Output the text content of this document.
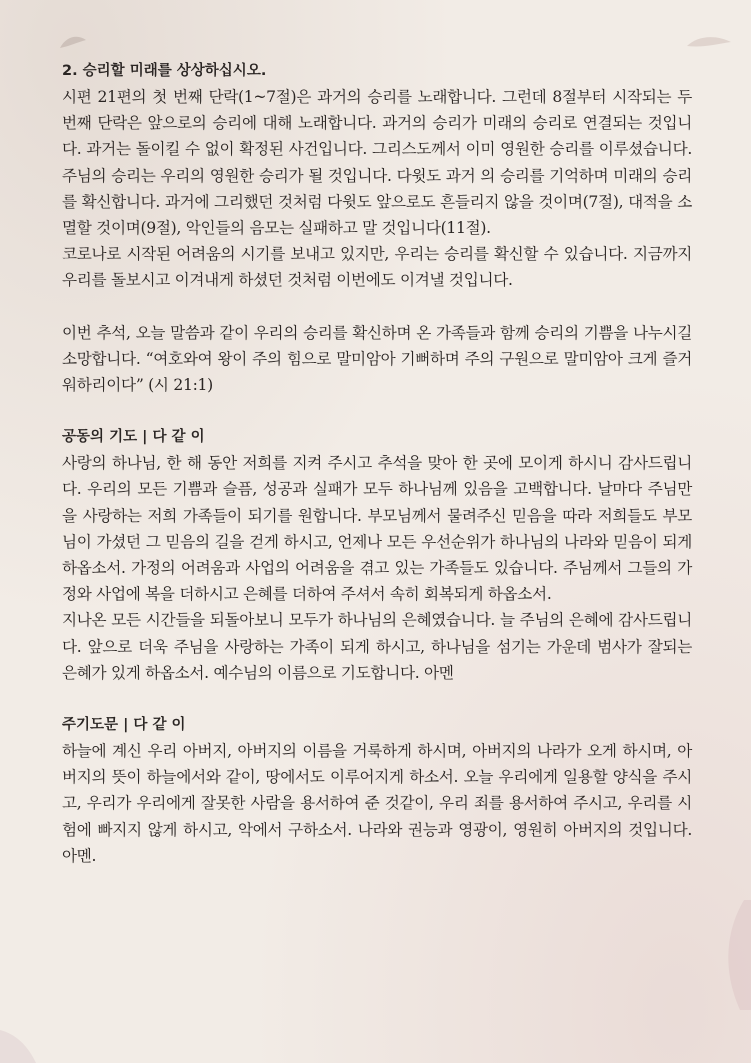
2. 승리할 미래를 상상하십시오.

시편 21편의 첫 번째 단락(1~7절)은 과거의 승리를 노래합니다. 그런데 8절부터 시작되는 두 번째 단락은 앞으로의 승리에 대해 노래합니다. 과거의 승리가 미래의 승리로 연결되는 것입니다. 과거는 돌이킬 수 없이 확정된 사건입니다. 그리스도께서 이미 영원한 승리를 이루셨습니다. 주님의 승리는 우리의 영원한 승리가 될 것입니다. 다윗도 과거 의 승리를 기억하며 미래의 승리를 확신합니다. 과거에 그리했던 것처럼 다윗도 앞으로도 흔들리지 않을 것이며(7절), 대적을 소멸할 것이며(9절), 악인들의 음모는 실패하고 말 것입니다(11절).

코로나로 시작된 어려움의 시기를 보내고 있지만, 우리는 승리를 확신할 수 있습니다. 지금까지 우리를 돌보시고 이겨내게 하셨던 것처럼 이번에도 이겨낼 것입니다.

이번 추석, 오늘 말씀과 같이 우리의 승리를 확신하며 온 가족들과 함께 승리의 기쁨을 나누시길 소망합니다. “여호와여 왕이 주의 힘으로 말미암아 기뻐하며 주의 구원으로 말미암아 크게 즐거워하리이다” (시 21:1)

공동의 기도 | 다 같 이

사랑의 하나님, 한 해 동안 저희를 지켜 주시고 추석을 맞아 한 곳에 모이게 하시니 감사드립니다. 우리의 모든 기쁨과 슬픔, 성공과 실패가 모두 하나님께 있음을 고백합니다. 날마다 주님만을 사랑하는 저희 가족들이 되기를 원합니다. 부모님께서 물려주신 믿음을 따라 저희들도 부모님이 가셨던 그 믿음의 길을 걷게 하시고, 언제나 모든 우선순위가 하나님의 나라와 믿음이 되게 하옵소서. 가정의 어려움과 사업의 어려움을 겪고 있는 가족들도 있습니다. 주님께서 그들의 가정와 사업에 복을 더하시고 은혜를 더하여 주셔서 속히 회복되게 하옵소서.

지나온 모든 시간들을 되돌아보니 모두가 하나님의 은혜였습니다. 늘 주님의 은혜에 감사드립니다. 앞으로 더욱 주님을 사랑하는 가족이 되게 하시고, 하나님을 섬기는 가운데 범사가 잘되는 은혜가 있게 하옵소서. 예수님의 이름으로 기도합니다. 아멘

주기도문 | 다 같 이

하늘에 계신 우리 아버지, 아버지의 이름을 거룩하게 하시며, 아버지의 나라가 오게 하시며, 아버지의 뜻이 하늘에서와 같이, 땅에서도 이루어지게 하소서. 오늘 우리에게 일용할 양식을 주시고, 우리가 우리에게 잘못한 사람을 용서하여 준 것같이, 우리 죄를 용서하여 주시고, 우리를 시험에 빠지지 않게 하시고, 악에서 구하소서. 나라와 권능과 영광이, 영원히 아버지의 것입니다. 아멘.
